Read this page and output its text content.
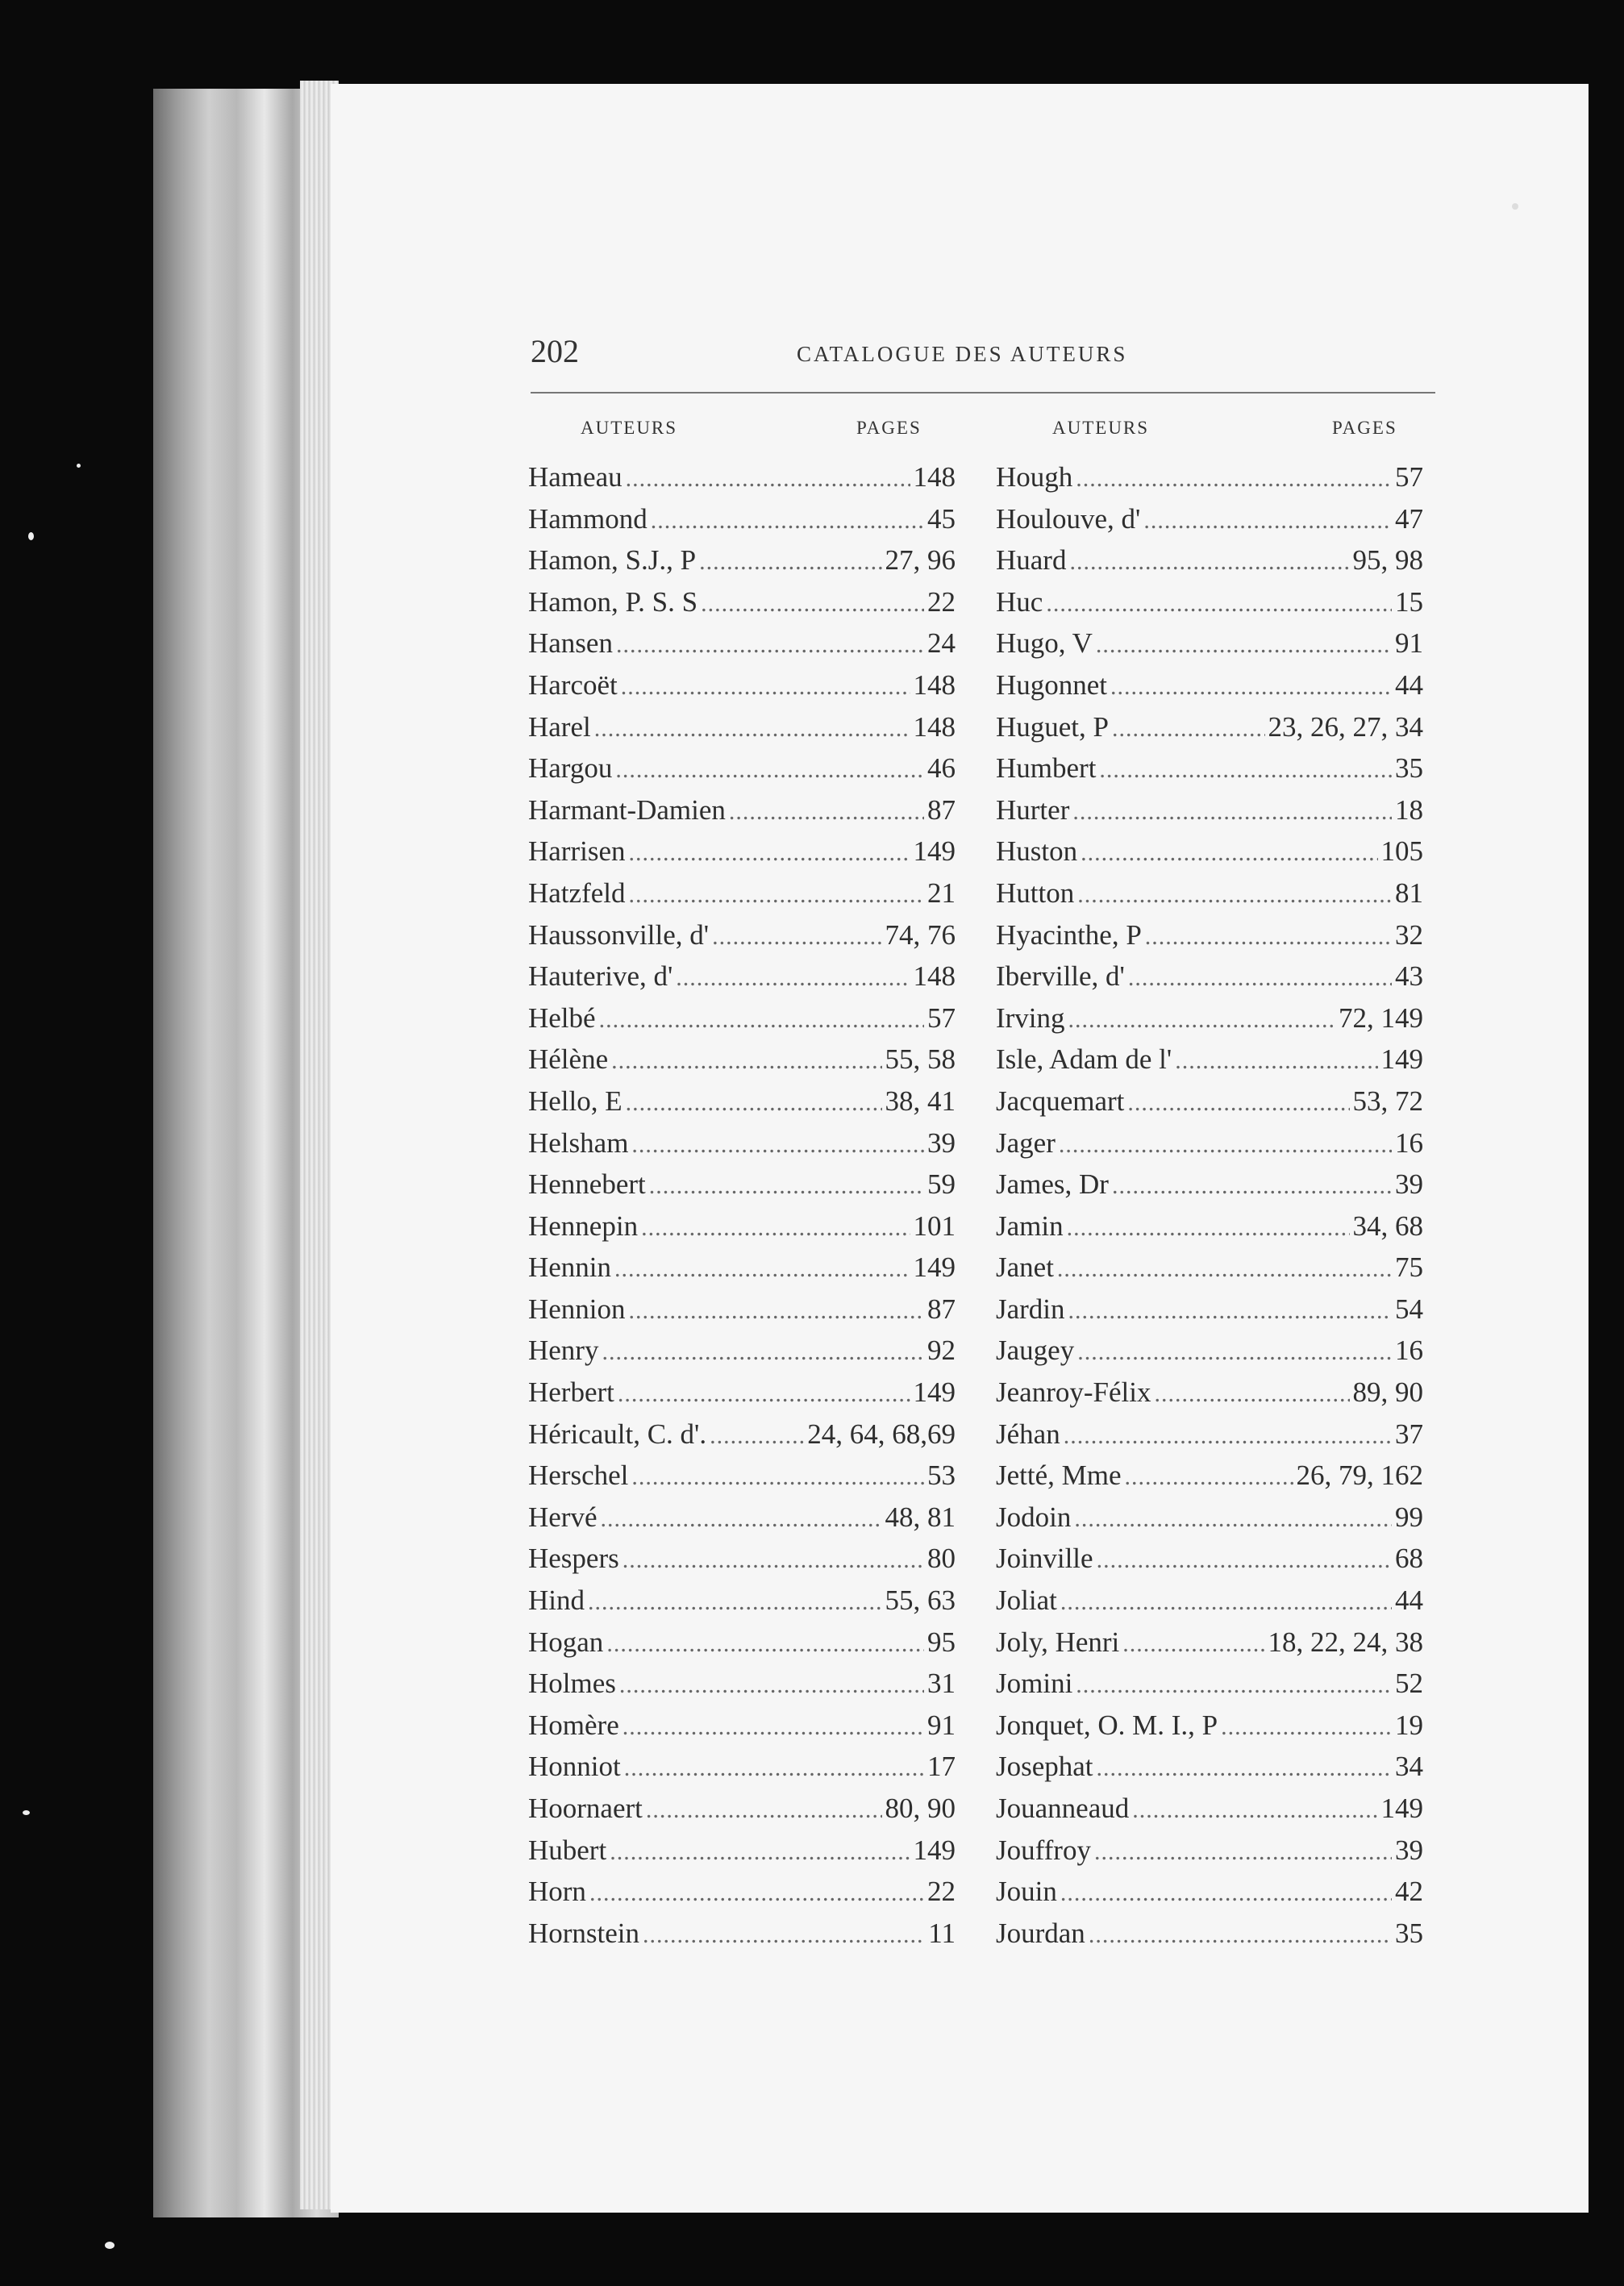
202	CATALOGUE DES AUTEURS
AUTEURS	PAGES	AUTEURS	PAGES
Hameau .....	148
Hammond .....	45
Hamon, S.J., P .....	27, 96
Hamon, P. S. S .....	22
Hansen .....	24
Harcoët .....	148
Harel .....	148
Hargou .....	46
Harmant-Damien .....	87
Harrisen .....	149
Hatzfeld .....	21
Haussonville, d' .....	74, 76
Hauterive, d' .....	148
Helbé .....	57
Hélène .....	55, 58
Hello, E .....	38, 41
Helsham .....	39
Hennebert .....	59
Hennepin .....	101
Hennin .....	149
Hennion .....	87
Henry .....	92
Herbert .....	149
Héricault, C. d'. .....	24, 64, 68,69
Herschel .....	53
Hervé .....	48, 81
Hespers .....	80
Hind .....	55, 63
Hogan .....	95
Holmes .....	31
Homère .....	91
Honniot .....	17
Hoornaert .....	80, 90
Hubert .....	149
Horn .....	22
Hornstein .....	11
Hough .....	57
Houlouve, d' .....	47
Huard .....	95, 98
Huc .....	15
Hugo, V .....	91
Hugonnet .....	44
Huguet, P .....	23, 26, 27, 34
Humbert .....	35
Hurter .....	18
Huston .....	105
Hutton .....	81
Hyacinthe, P .....	32
Iberville, d' .....	43
Irving .....	72, 149
Isle, Adam de l' .....	149
Jacquemart .....	53, 72
Jager .....	16
James, Dr .....	39
Jamin .....	34, 68
Janet .....	75
Jardin .....	54
Jaugey .....	16
Jeanroy-Félix .....	89, 90
Jéhan .....	37
Jetté, Mme .....	26, 79, 162
Jodoin .....	99
Joinville .....	68
Joliat .....	44
Joly, Henri .....	18, 22, 24, 38
Jomini .....	52
Jonquet, O. M. I., P .....	19
Josephat .....	34
Jouanneaud .....	149
Jouffroy .....	39
Jouin .....	42
Jourdan .....	35
